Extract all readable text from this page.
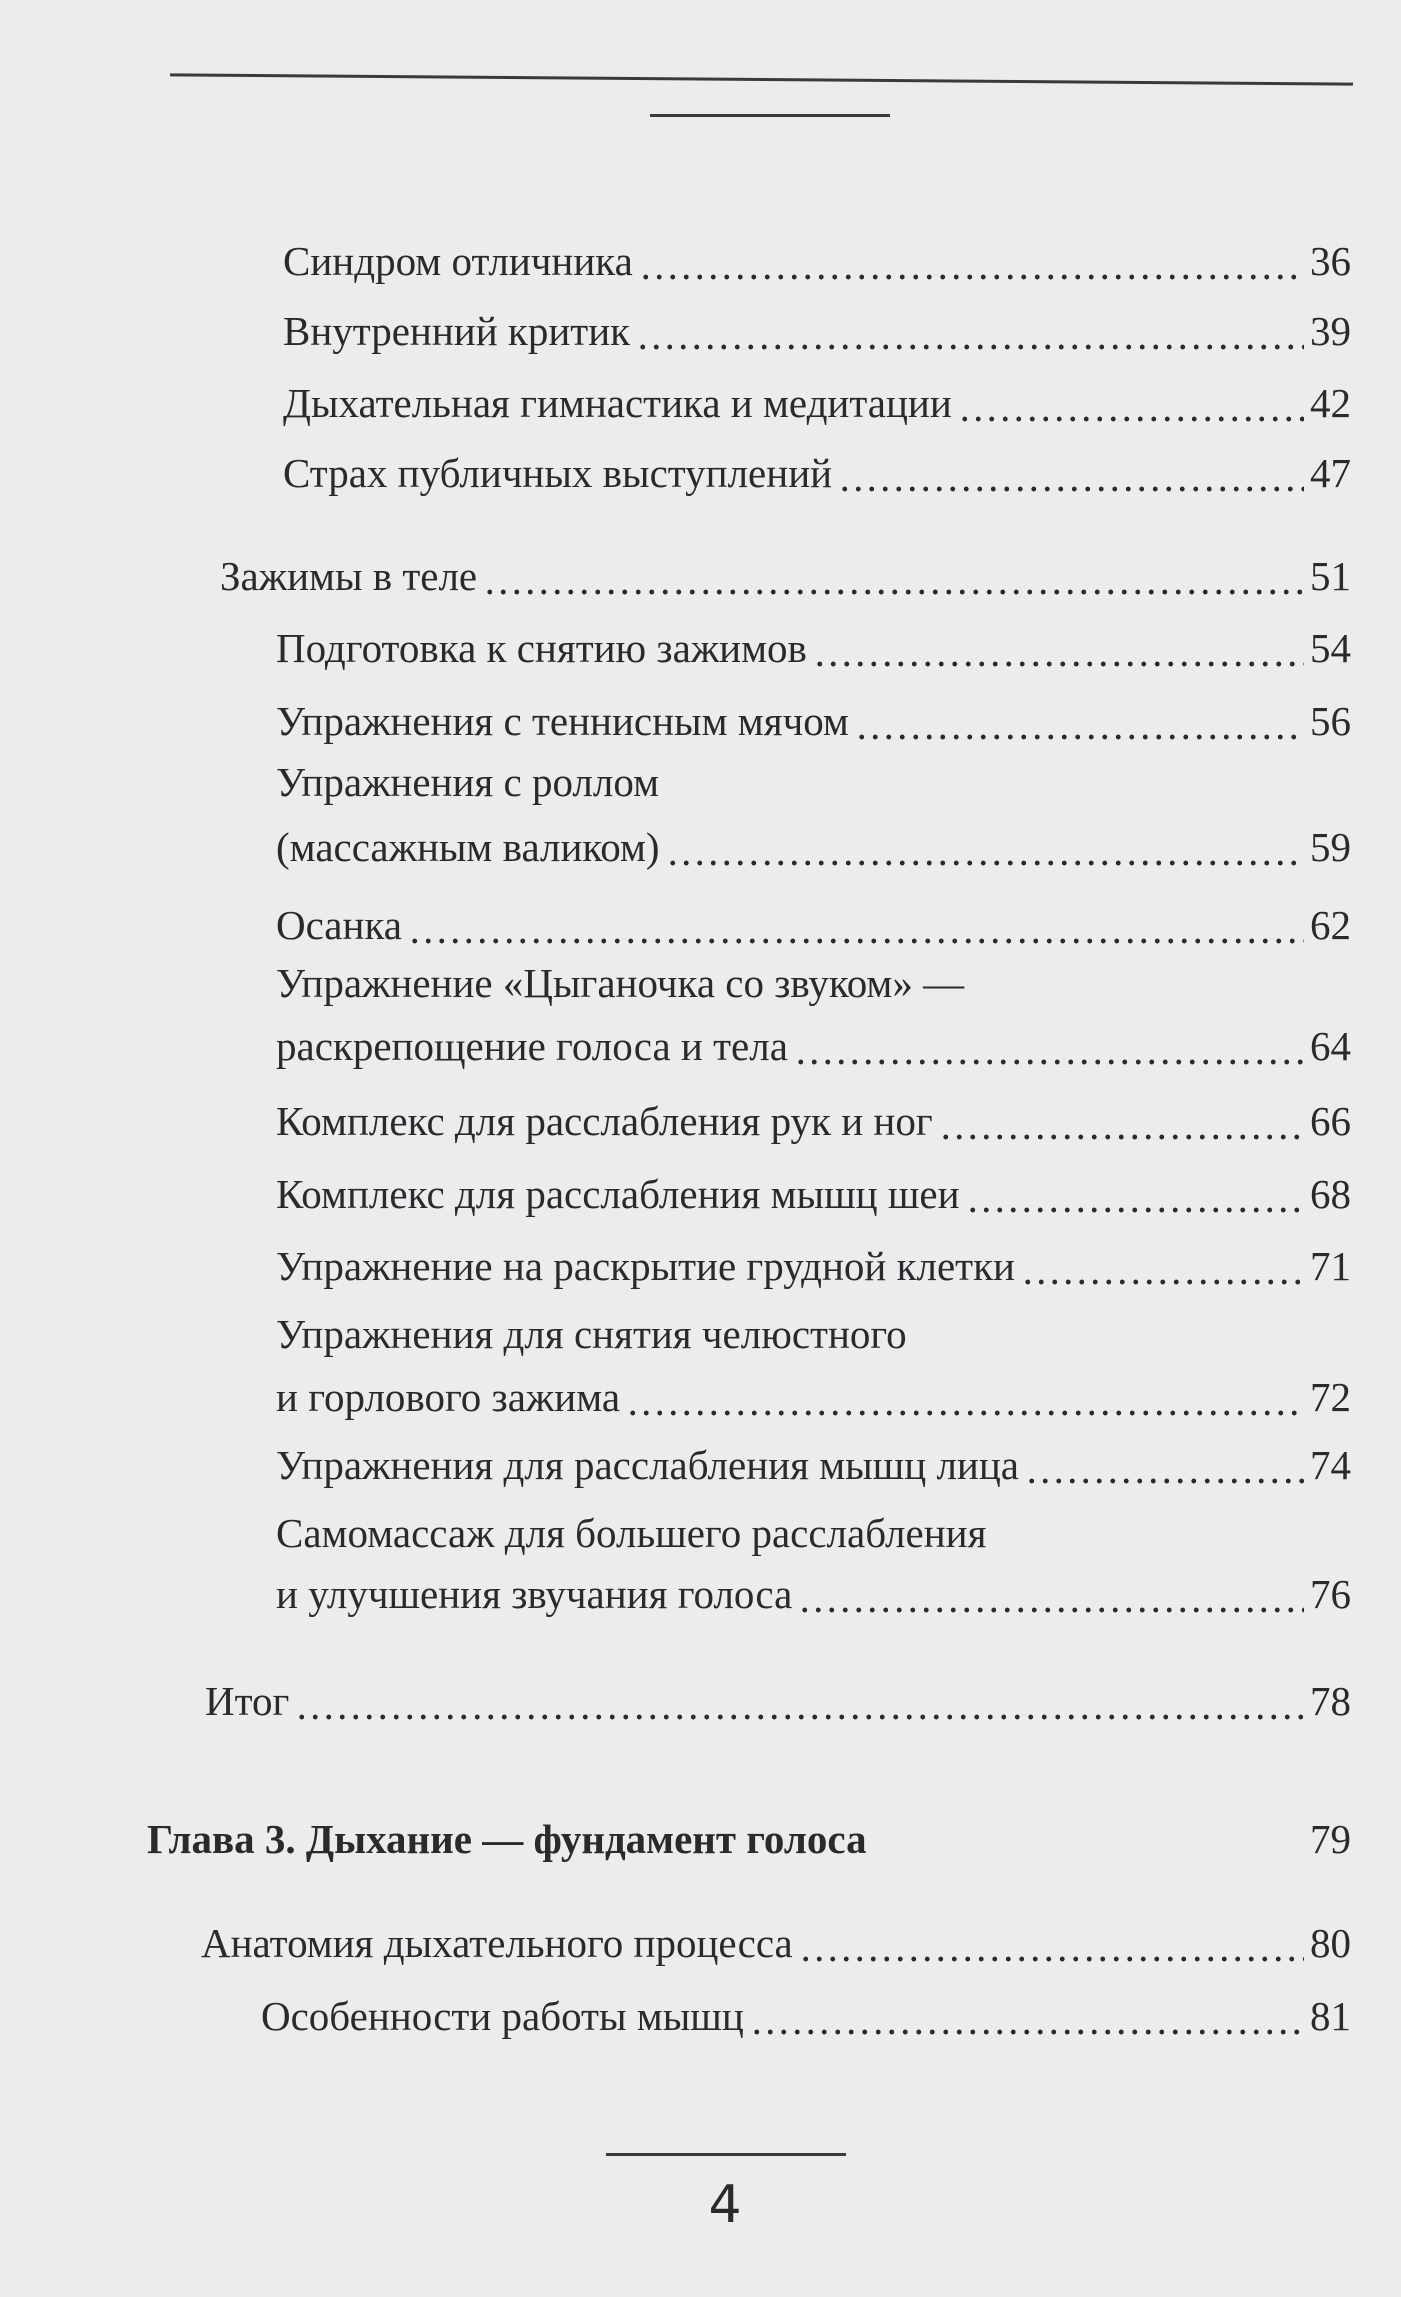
Синдром отличника	36
Внутренний критик	39
Дыхательная гимнастика и медитации	42
Страх публичных выступлений	47
Зажимы в теле	51
Подготовка к снятию зажимов	54
Упражнения с теннисным мячом	56
Упражнения с роллом
(массажным валиком)	59
Осанка	62
Упражнение «Цыганочка со звуком» —
раскрепощение голоса и тела	64
Комплекс для расслабления рук и ног	66
Комплекс для расслабления мышц шеи	68
Упражнение на раскрытие грудной клетки	71
Упражнения для снятия челюстного
и горлового зажима	72
Упражнения для расслабления мышц лица	74
Самомассаж для большего расслабления
и улучшения звучания голоса	76
Итог	78
Глава 3. Дыхание — фундамент голоса	79
Анатомия дыхательного процесса	80
Особенности работы мышц	81
4
